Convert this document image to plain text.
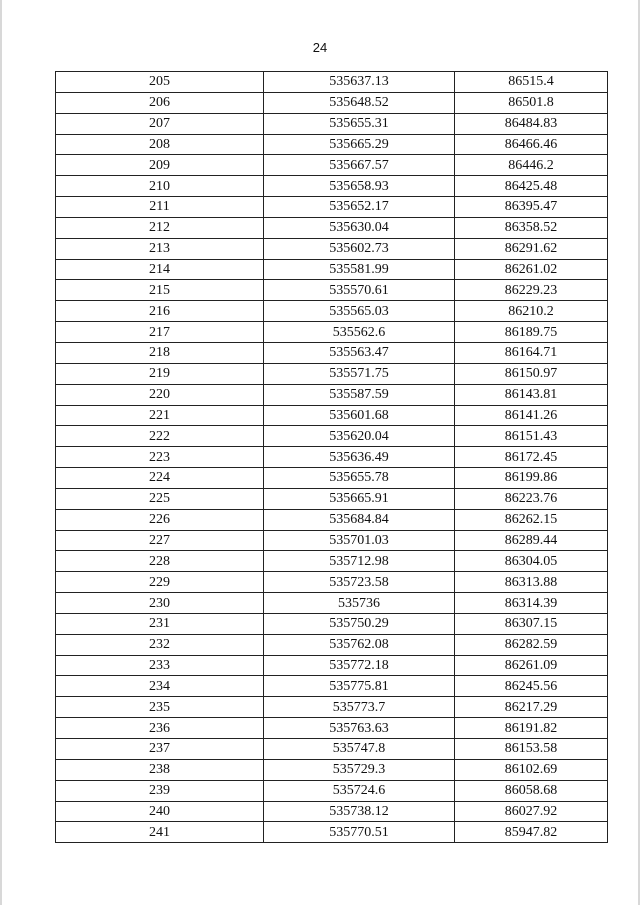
24
205	535637.13	86515.4
206	535648.52	86501.8
207	535655.31	86484.83
208	535665.29	86466.46
209	535667.57	86446.2
210	535658.93	86425.48
211	535652.17	86395.47
212	535630.04	86358.52
213	535602.73	86291.62
214	535581.99	86261.02
215	535570.61	86229.23
216	535565.03	86210.2
217	535562.6	86189.75
218	535563.47	86164.71
219	535571.75	86150.97
220	535587.59	86143.81
221	535601.68	86141.26
222	535620.04	86151.43
223	535636.49	86172.45
224	535655.78	86199.86
225	535665.91	86223.76
226	535684.84	86262.15
227	535701.03	86289.44
228	535712.98	86304.05
229	535723.58	86313.88
230	535736	86314.39
231	535750.29	86307.15
232	535762.08	86282.59
233	535772.18	86261.09
234	535775.81	86245.56
235	535773.7	86217.29
236	535763.63	86191.82
237	535747.8	86153.58
238	535729.3	86102.69
239	535724.6	86058.68
240	535738.12	86027.92
241	535770.51	85947.82
